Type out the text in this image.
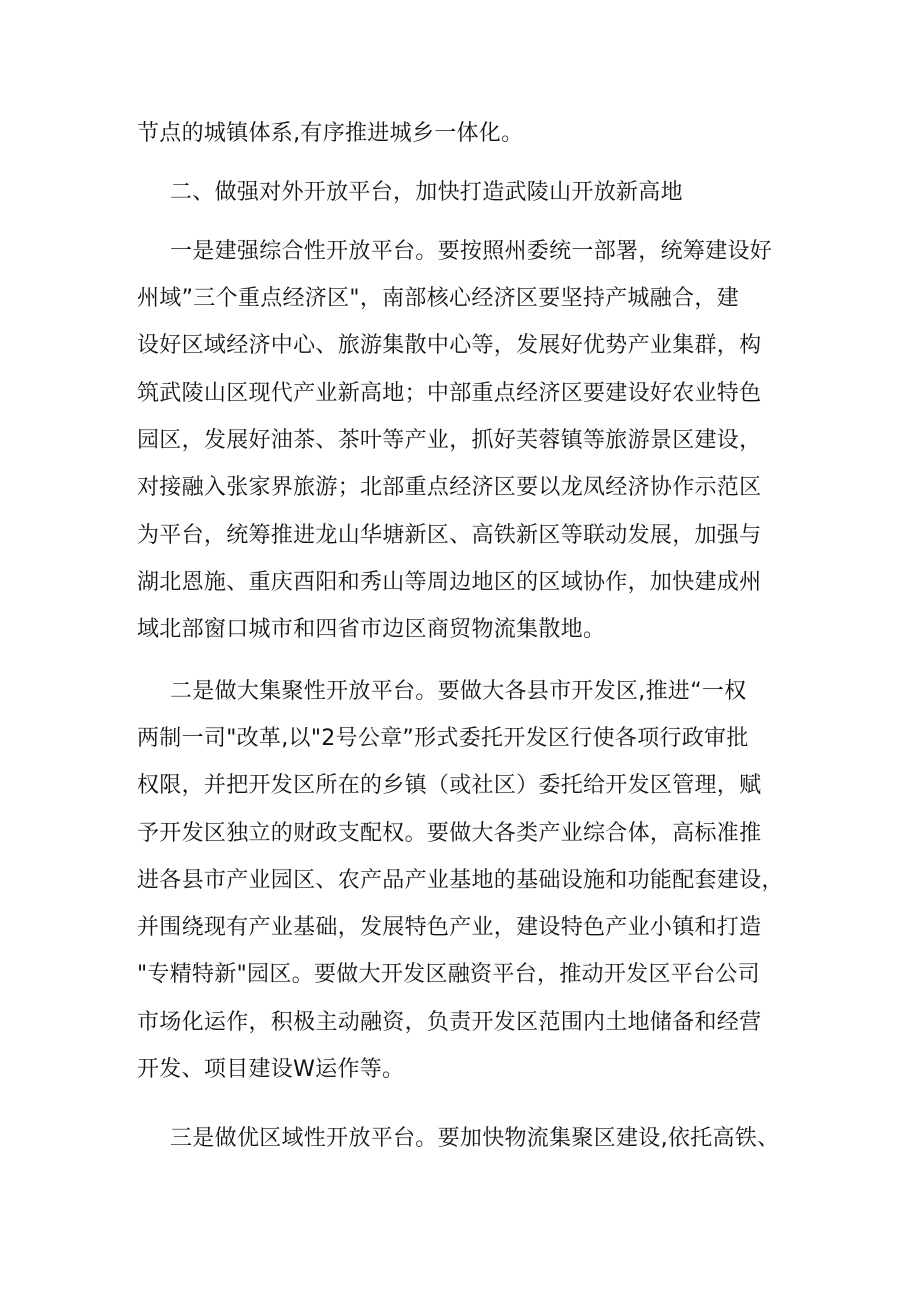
节点的城镇体系,有序推进城乡一体化。
二、做强对外开放平台，加快打造武陵山开放新高地
一是建强综合性开放平台。要按照州委统一部署，统筹建设好
州域”三个重点经济区"，南部核心经济区要坚持产城融合，建
设好区域经济中心、旅游集散中心等，发展好优势产业集群，构
筑武陵山区现代产业新高地；中部重点经济区要建设好农业特色
园区，发展好油茶、茶叶等产业，抓好芙蓉镇等旅游景区建设，
对接融入张家界旅游；北部重点经济区要以龙凤经济协作示范区
为平台，统筹推进龙山华塘新区、高铁新区等联动发展，加强与
湖北恩施、重庆酉阳和秀山等周边地区的区域协作，加快建成州
域北部窗口城市和四省市边区商贸物流集散地。
二是做大集聚性开放平台。要做大各县市开发区,推进“一权
两制一司"改革,以"2号公章”形式委托开发区行使各项行政审批
权限，并把开发区所在的乡镇（或社区）委托给开发区管理，赋
予开发区独立的财政支配权。要做大各类产业综合体，高标准推
进各县市产业园区、农产品产业基地的基础设施和功能配套建设，
并围绕现有产业基础，发展特色产业，建设特色产业小镇和打造
"专精特新"园区。要做大开发区融资平台，推动开发区平台公司
市场化运作，积极主动融资，负责开发区范围内土地储备和经营
开发、项目建设W运作等。
三是做优区域性开放平台。要加快物流集聚区建设,依托高铁、
